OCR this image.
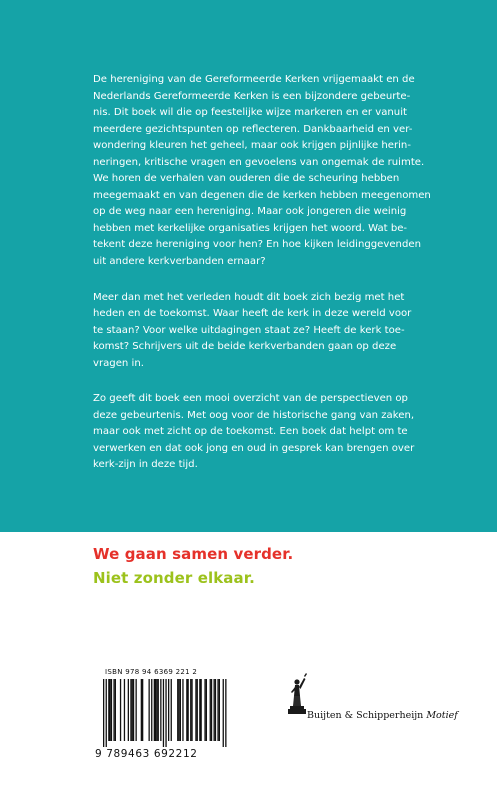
De hereniging van de Gereformeerde Kerken vrijgemaakt en de
Nederlands Gereformeerde Kerken is een bijzondere gebeurte-
nis. Dit boek wil die op feestelijke wijze markeren en er vanuit
meerdere gezichtspunten op reflecteren. Dankbaarheid en ver-
wondering kleuren het geheel, maar ook krijgen pijnlijke herin-
neringen, kritische vragen en gevoelens van ongemak de ruimte.
We horen de verhalen van ouderen die de scheuring hebben
meegemaakt en van degenen die de kerken hebben meegenomen
op de weg naar een hereniging. Maar ook jongeren die weinig
hebben met kerkelijke organisaties krijgen het woord. Wat be-
tekent deze hereniging voor hen? En hoe kijken leidinggevenden
uit andere kerkverbanden ernaar?

Meer dan met het verleden houdt dit boek zich bezig met het
heden en de toekomst. Waar heeft de kerk in deze wereld voor
te staan? Voor welke uitdagingen staat ze? Heeft de kerk toe-
komst? Schrijvers uit de beide kerkverbanden gaan op deze
vragen in.

Zo geeft dit boek een mooi overzicht van de perspectieven op
deze gebeurtenis. Met oog voor de historische gang van zaken,
maar ook met zicht op de toekomst. Een boek dat helpt om te
verwerken en dat ook jong en oud in gesprek kan brengen over
kerk-zijn in deze tijd.

We gaan samen verder.
Niet zonder elkaar.
ISBN 978 94 6369 221 2
9 789463 692212
Buijten & Schipperheijn Motief
